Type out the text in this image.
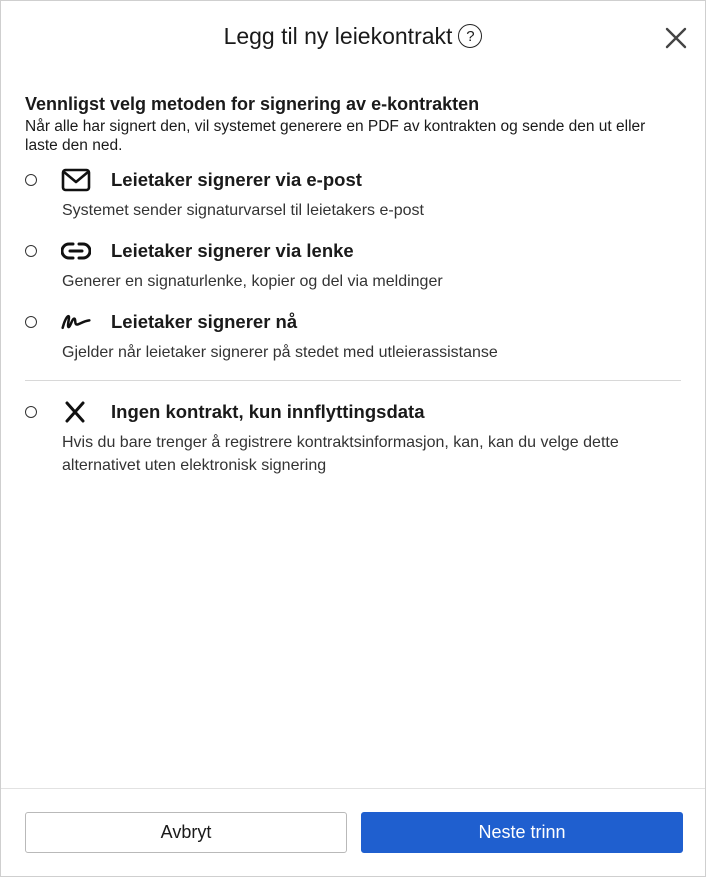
Legg til ny leiekontrakt ?
Vennligst velg metoden for signering av e-kontrakten
Når alle har signert den, vil systemet generere en PDF av kontrakten og sende den ut eller laste den ned.
Leietaker signerer via e-post
Systemet sender signaturvarsel til leietakers e-post
Leietaker signerer via lenke
Generer en signaturlenke, kopier og del via meldinger
Leietaker signerer nå
Gjelder når leietaker signerer på stedet med utleierassistanse
Ingen kontrakt, kun innflyttingsdata
Hvis du bare trenger å registrere kontraktsinformasjon, kan, kan du velge dette alternativet uten elektronisk signering
Avbryt	Neste trinn
